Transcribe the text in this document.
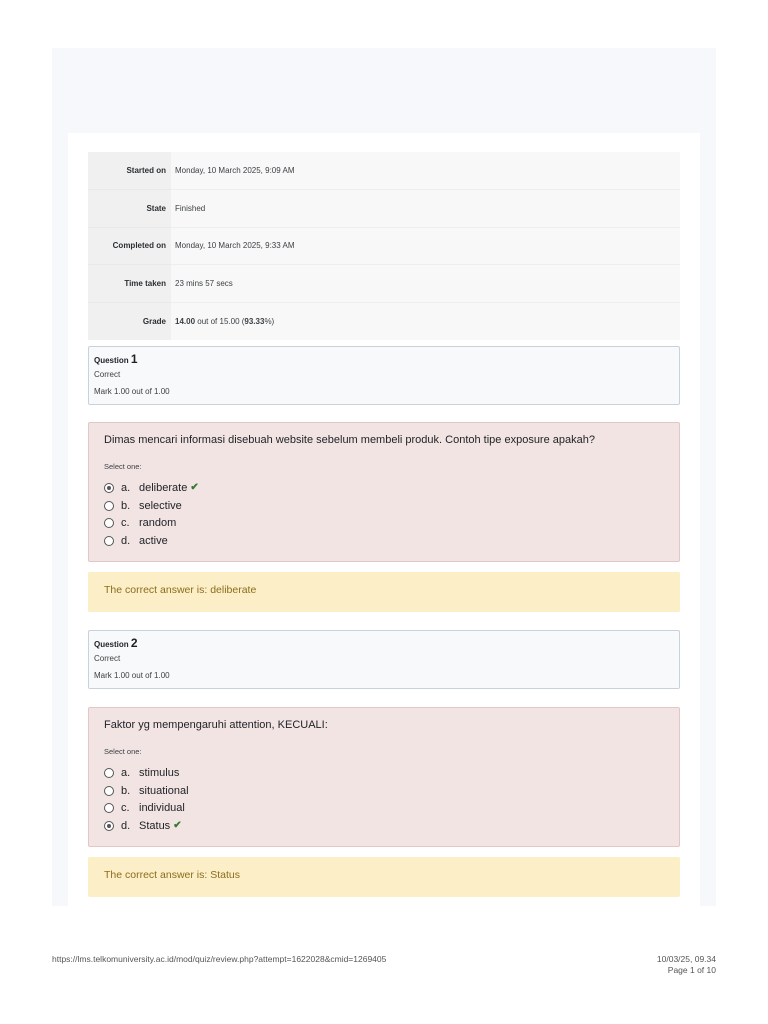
Started on	Monday, 10 March 2025, 9:09 AM
State	Finished
Completed on	Monday, 10 March 2025, 9:33 AM
Time taken	23 mins 57 secs
Grade	14.00 out of 15.00 (93.33%)
Question 1
Correct
Mark 1.00 out of 1.00
Dimas mencari informasi disebuah website sebelum membeli produk. Contoh tipe exposure apakah?
Select one:
a. deliberate ✔
b. selective
c. random
d. active
The correct answer is: deliberate
Question 2
Correct
Mark 1.00 out of 1.00
Faktor yg mempengaruhi attention, KECUALI:
Select one:
a. stimulus
b. situational
c. individual
d. Status ✔
The correct answer is: Status
https://lms.telkomuniversity.ac.id/mod/quiz/review.php?attempt=1622028&cmid=1269405	10/03/25, 09.34
Page 1 of 10
